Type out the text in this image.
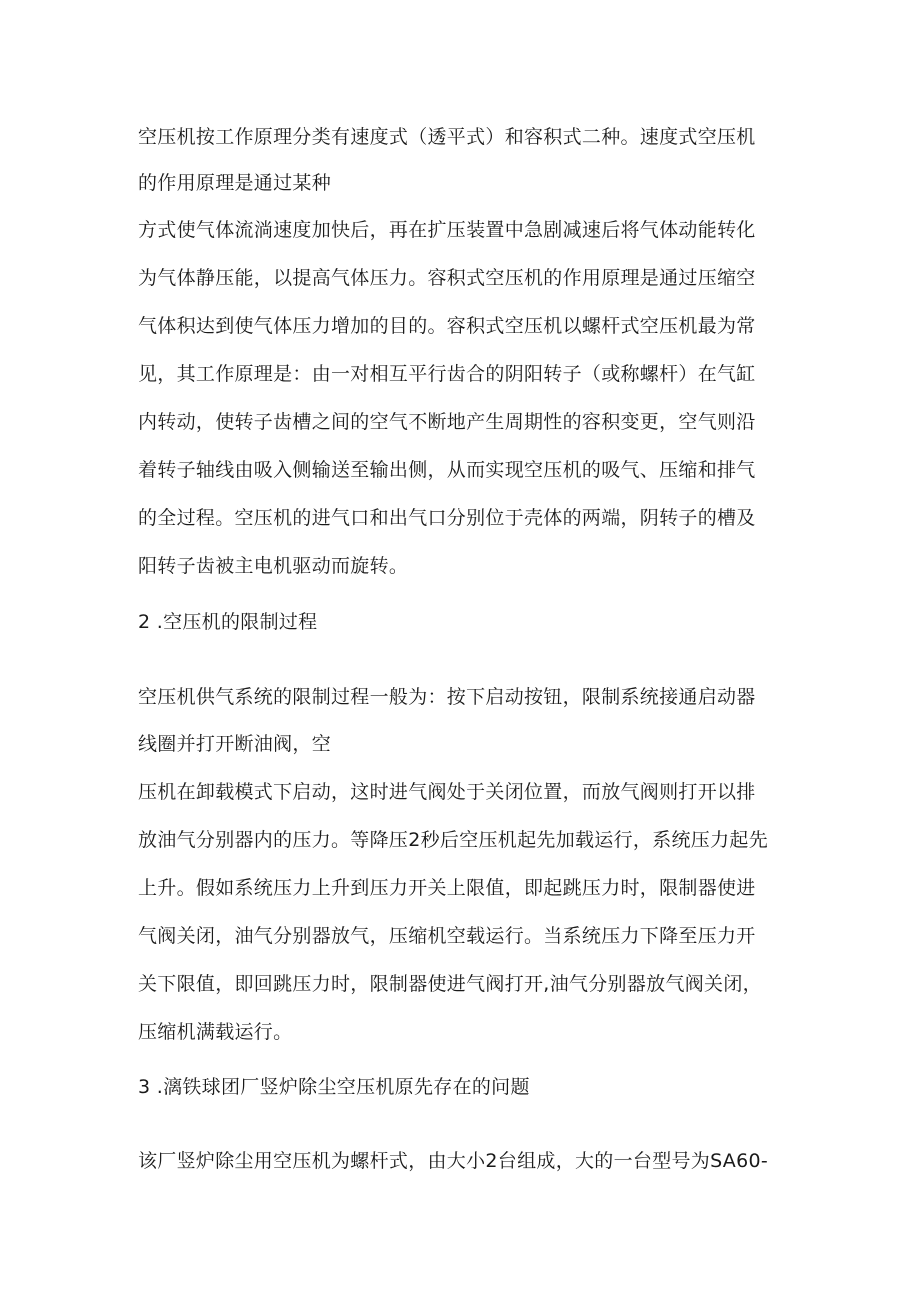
空压机按工作原理分类有速度式（透平式）和容积式二种。速度式空压机
的作用原理是通过某种
方式使气体流淌速度加快后，再在扩压装置中急剧减速后将气体动能转化
为气体静压能，以提高气体压力。容积式空压机的作用原理是通过压缩空
气体积达到使气体压力增加的目的。容积式空压机以螺杆式空压机最为常
见，其工作原理是：由一对相互平行齿合的阴阳转子（或称螺杆）在气缸
内转动，使转子齿槽之间的空气不断地产生周期性的容积变更，空气则沿
着转子轴线由吸入侧输送至输出侧，从而实现空压机的吸气、压缩和排气
的全过程。空压机的进气口和出气口分别位于壳体的两端，阴转子的槽及
阳转子齿被主电机驱动而旋转。
2 .空压机的限制过程
空压机供气系统的限制过程一般为：按下启动按钮，限制系统接通启动器
线圈并打开断油阀，空
压机在卸载模式下启动，这时进气阀处于关闭位置，而放气阀则打开以排
放油气分别器内的压力。等降压2秒后空压机起先加载运行，系统压力起先
上升。假如系统压力上升到压力开关上限值，即起跳压力时，限制器使进
气阀关闭，油气分别器放气，压缩机空载运行。当系统压力下降至压力开
关下限值，即回跳压力时，限制器使进气阀打开,油气分别器放气阀关闭，
压缩机满载运行。
3 .漓铁球团厂竖炉除尘空压机原先存在的问题
该厂竖炉除尘用空压机为螺杆式，由大小2台组成，大的一台型号为SA60-
